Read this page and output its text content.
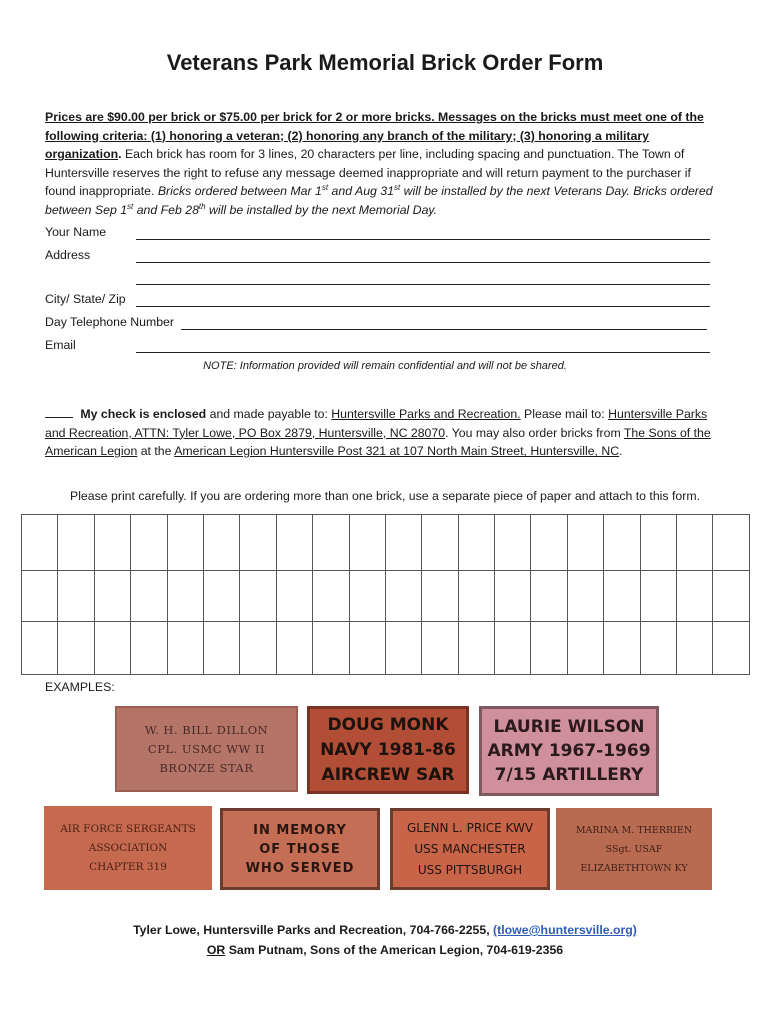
Veterans Park Memorial Brick Order Form
Prices are $90.00 per brick or $75.00 per brick for 2 or more bricks. Messages on the bricks must meet one of the following criteria: (1) honoring a veteran; (2) honoring any branch of the military; (3) honoring a military organization. Each brick has room for 3 lines, 20 characters per line, including spacing and punctuation. The Town of Huntersville reserves the right to refuse any message deemed inappropriate and will return payment to the purchaser if found inappropriate. Bricks ordered between Mar 1st and Aug 31st will be installed by the next Veterans Day. Bricks ordered between Sep 1st and Feb 28th will be installed by the next Memorial Day.
Your Name
Address
City/ State/ Zip
Day Telephone Number
Email
NOTE: Information provided will remain confidential and will not be shared.
My check is enclosed and made payable to: Huntersville Parks and Recreation. Please mail to: Huntersville Parks and Recreation, ATTN: Tyler Lowe, PO Box 2879, Huntersville, NC 28070. You may also order bricks from The Sons of the American Legion at the American Legion Huntersville Post 321 at 107 North Main Street, Huntersville, NC.
Please print carefully. If you are ordering more than one brick, use a separate piece of paper and attach to this form.

EXAMPLES:
W. H. BILL DILLON
CPL. USMC WW II
BRONZE STAR
DOUG MONK
NAVY 1981-86
AIRCREW SAR
LAURIE WILSON
ARMY 1967-1969
7/15 ARTILLERY
AIR FORCE SERGEANTS
ASSOCIATION
CHAPTER 319
IN MEMORY
OF THOSE
WHO SERVED
GLENN L. PRICE KWV
USS MANCHESTER
USS PITTSBURGH
MARINA M. THERRIEN
SSgt. USAF
ELIZABETHTOWN KY
Tyler Lowe, Huntersville Parks and Recreation, 704-766-2255, (tlowe@huntersville.org)
OR Sam Putnam, Sons of the American Legion, 704-619-2356
